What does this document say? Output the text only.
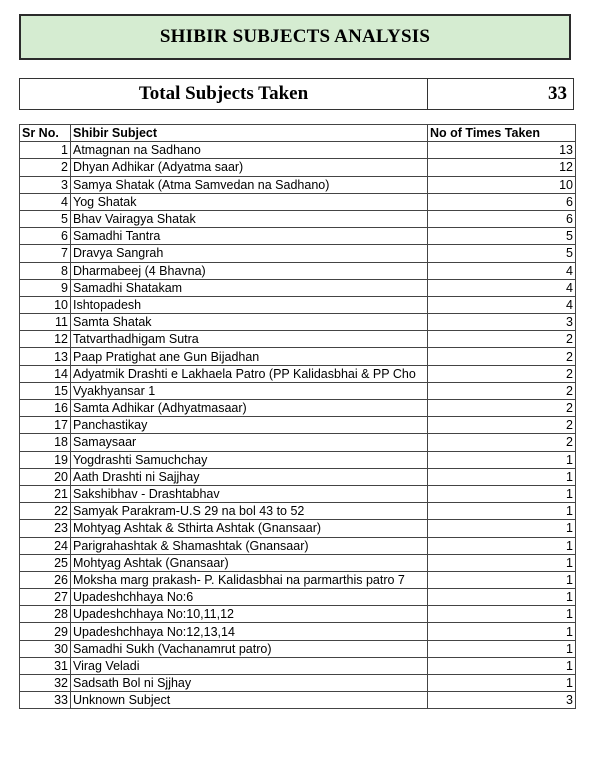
SHIBIR SUBJECTS ANALYSIS
Total Subjects Taken	33
Sr No.	Shibir Subject	No of Times Taken
1	Atmagnan na Sadhano	13
2	Dhyan Adhikar (Adyatma saar)	12
3	Samya Shatak (Atma Samvedan na Sadhano)	10
4	Yog Shatak	6
5	Bhav Vairagya Shatak	6
6	Samadhi Tantra	5
7	Dravya Sangrah	5
8	Dharmabeej (4 Bhavna)	4
9	Samadhi Shatakam	4
10	Ishtopadesh	4
11	Samta Shatak	3
12	Tatvarthadhigam Sutra	2
13	Paap Pratighat ane Gun Bijadhan	2
14	Adyatmik Drashti e Lakhaela Patro (PP Kalidasbhai & PP Cho	2
15	Vyakhyansar 1	2
16	Samta Adhikar (Adhyatmasaar)	2
17	Panchastikay	2
18	Samaysaar	2
19	Yogdrashti Samuchchay	1
20	Aath Drashti ni Sajjhay	1
21	Sakshibhav - Drashtabhav	1
22	Samyak Parakram-U.S 29 na bol 43 to 52	1
23	Mohtyag Ashtak & Sthirta Ashtak (Gnansaar)	1
24	Parigrahashtak & Shamashtak (Gnansaar)	1
25	Mohtyag Ashtak (Gnansaar)	1
26	Moksha marg prakash- P. Kalidasbhai na parmarthis patro 7	1
27	Upadeshchhaya No:6	1
28	Upadeshchhaya No:10,11,12	1
29	Upadeshchhaya No:12,13,14	1
30	Samadhi Sukh (Vachanamrut patro)	1
31	Virag Veladi	1
32	Sadsath Bol ni Sjjhay	1
33	Unknown Subject	3
